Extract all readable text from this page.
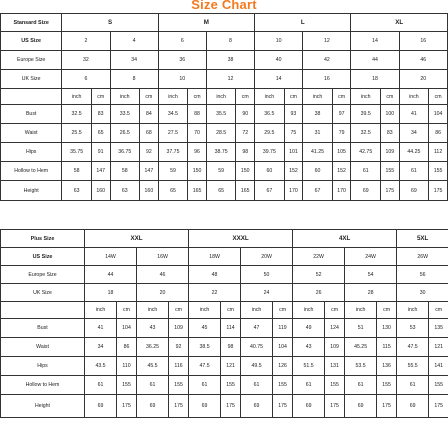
Size Chart
Stansard Size	S				M				L				XL			
US Size	2		4		6		8		10		12		14		16	
Europe Size	32		34		36		38		40		42		44		46	
UK Size	6		8		10		12		14		16		18		20	
	inch	cm	inch	cm	inch	cm	inch	cm	inch	cm	inch	cm	inch	cm	inch	cm
Bust	32.5	83	33.5	84	34.5	88	35.5	90	36.5	93	38	97	39.5	100	41	104
Waist	25.5	65	26.5	68	27.5	70	28.5	72	29.5	75	31	79	32.5	83	34	86
Hips	35.75	91	36.75	92	37.75	96	38.75	98	39.75	101	41.25	105	42.75	109	44.25	112
Hollow to Hem	58	147	58	147	59	150	59	150	60	152	60	152	61	155	61	155
Height	63	160	63	160	65	165	65	165	67	170	67	170	69	175	69	175
Plus Size	XXL				XXXL				4XL				5XL	
US Size	14W		16W		18W		20W		22W		24W		26W	
Europe Size	44		46		48		50		52		54		56	
UK Size	18		20		22		24		26		28		30	
	inch	cm	inch	cm	inch	cm	inch	cm	inch	cm	inch	cm	inch	cm
Bust	41	104	43	109	45	114	47	119	49	124	51	130	53	135
Waist	34	86	36.25	92	38.5	98	40.75	104	43	109	45.25	115	47.5	121
Hips	43.5	110	45.5	116	47.5	121	49.5	126	51.5	131	53.5	136	55.5	141
Hollow to Hem	61	155	61	155	61	155	61	155	61	155	61	155	61	155
Height	69	175	69	175	69	175	69	175	69	175	69	175	69	175
